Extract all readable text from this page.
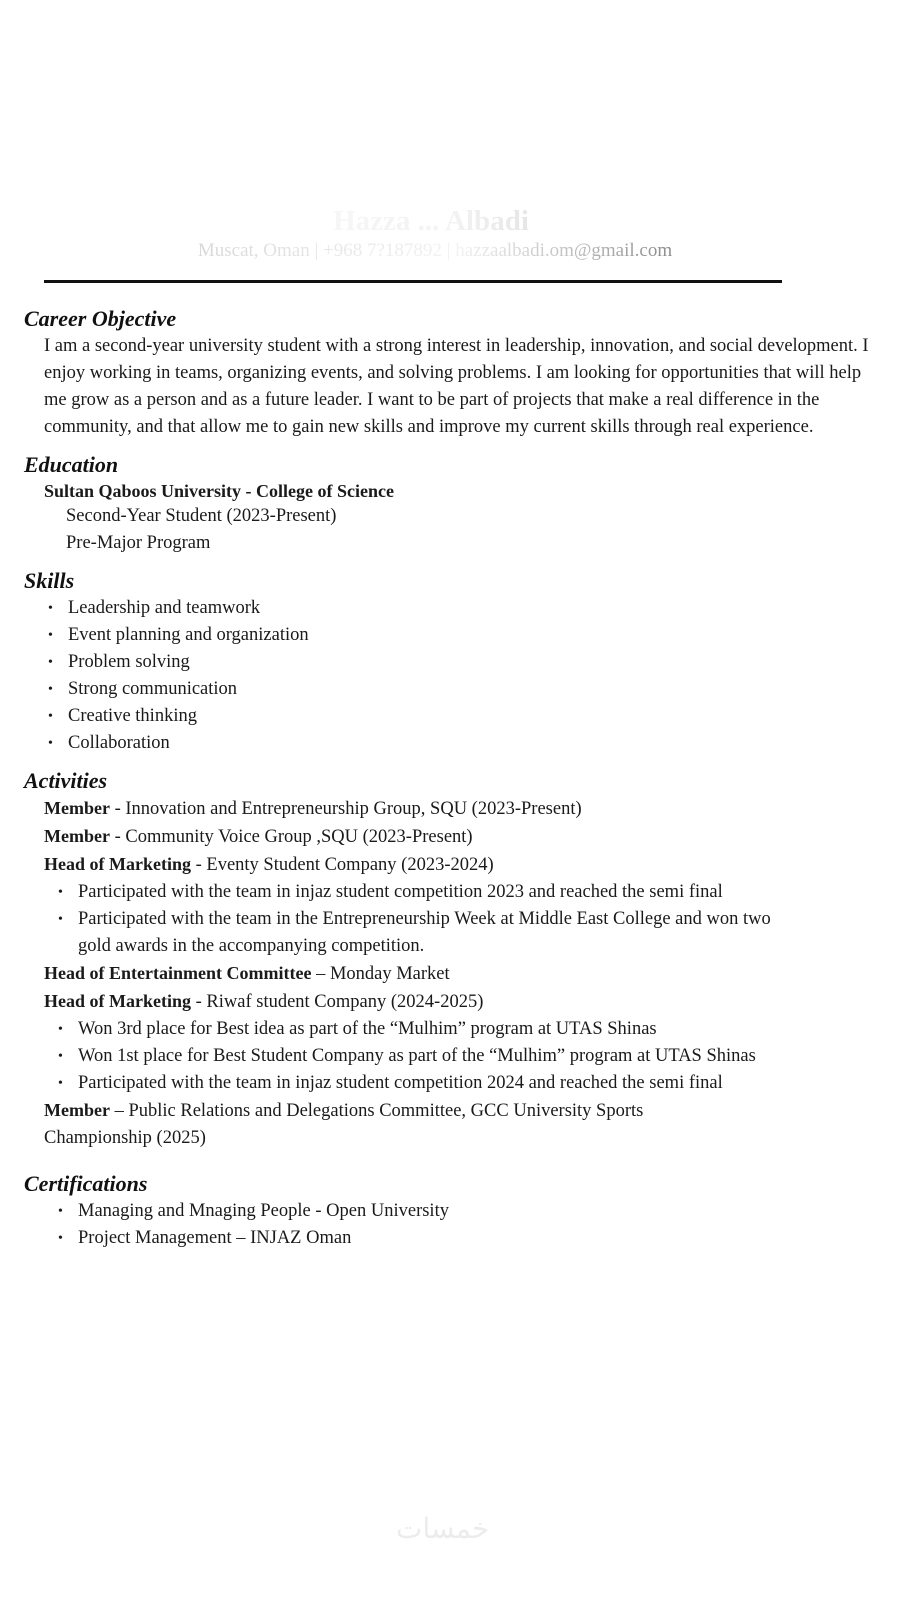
Hazza ... Albadi
Muscat, Oman | +968 7?187892 | hazzaalbadi.om@gmail.com
Career Objective

I am a second-year university student with a strong interest in leadership, innovation, and social development. I enjoy working in teams, organizing events, and solving problems. I am looking for opportunities that will help me grow as a person and as a future leader. I want to be part of projects that make a real difference in the community, and that allow me to gain new skills and improve my current skills through real experience.

Education
Sultan Qaboos University - College of Science
Second-Year Student (2023-Present)
Pre-Major Program
Skills
• Leadership and teamwork
• Event planning and organization
• Problem solving
• Strong communication
• Creative thinking
• Collaboration
Activities
Member - Innovation and Entrepreneurship Group, SQU (2023-Present)
Member - Community Voice Group ,SQU (2023-Present)
Head of Marketing - Eventy Student Company (2023-2024)
• Participated with the team in injaz student competition 2023 and reached the semi final
• Participated with the team in the Entrepreneurship Week at Middle East College and won two gold awards in the accompanying competition.
Head of Entertainment Committee – Monday Market
Head of Marketing - Riwaf student Company (2024-2025)
• Won 3rd place for Best idea as part of the “Mulhim” program at UTAS Shinas
• Won 1st place for Best Student Company as part of the “Mulhim” program at UTAS Shinas
• Participated with the team in injaz student competition 2024 and reached the semi final
Member – Public Relations and Delegations Committee, GCC University Sports Championship (2025)
Certifications
• Managing and Mnaging People - Open University
• Project Management – INJAZ Oman
خمسات
